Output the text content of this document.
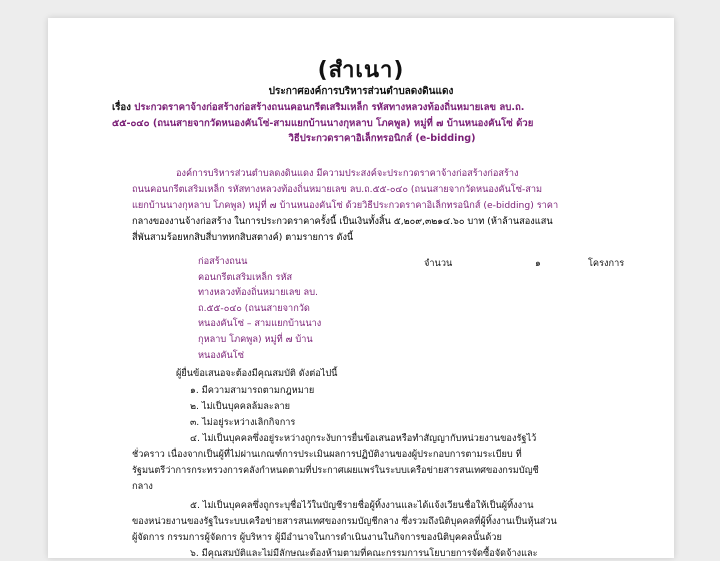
(สำเนา)
ประกาศองค์การบริหารส่วนตำบลดงดินแดง
เรื่อง ประกวดราคาจ้างก่อสร้างก่อสร้างถนนคอนกรีตเสริมเหล็ก รหัสทางหลวงท้องถิ่นหมายเลข ลบ.ถ.
๕๕-๐๔๐ (ถนนสายจากวัดหนองคันโซ่-สามแยกบ้านนางกุหลาบ โภคพูล) หมู่ที่ ๗ บ้านหนองคันโซ่ ด้วย
วิธีประกวดราคาอิเล็กทรอนิกส์ (e-bidding)
องค์การบริหารส่วนตำบลดงดินแดง มีความประสงค์จะประกวดราคาจ้างก่อสร้างก่อสร้าง
ถนนคอนกรีตเสริมเหล็ก รหัสทางหลวงท้องถิ่นหมายเลข ลบ.ถ.๕๕-๐๔๐ (ถนนสายจากวัดหนองคันโซ่-สาม
แยกบ้านนางกุหลาบ โภคพูล) หมู่ที่ ๗ บ้านหนองคันโซ่ ด้วยวิธีประกวดราคาอิเล็กทรอนิกส์ (e-bidding) ราคา
กลางของงานจ้างก่อสร้าง ในการประกวดราคาครั้งนี้ เป็นเงินทั้งสิ้น ๕,๒๐๙,๓๒๑๔.๖๐ บาท (ห้าล้านสองแสน
สี่พันสามร้อยหกสิบสี่บาทหกสิบสตางค์) ตามรายการ ดังนี้
ก่อสร้างถนน
คอนกรีตเสริมเหล็ก รหัส
ทางหลวงท้องถิ่นหมายเลข ลบ.
ถ.๕๕-๐๔๐ (ถนนสายจากวัด
หนองคันโซ่ – สามแยกบ้านนาง
กุหลาบ โภคพูล) หมู่ที่ ๗ บ้าน
หนองคันโซ่
จำนวน	๑	โครงการ
ผู้ยื่นข้อเสนอจะต้องมีคุณสมบัติ ดังต่อไปนี้
๑. มีความสามารถตามกฎหมาย
๒. ไม่เป็นบุคคลล้มละลาย
๓. ไม่อยู่ระหว่างเลิกกิจการ
๔. ไม่เป็นบุคคลซึ่งอยู่ระหว่างถูกระงับการยื่นข้อเสนอหรือทำสัญญากับหน่วยงานของรัฐไว้
ชั่วคราว เนื่องจากเป็นผู้ที่ไม่ผ่านเกณฑ์การประเมินผลการปฏิบัติงานของผู้ประกอบการตามระเบียบ ที่
รัฐมนตรีว่าการกระทรวงการคลังกำหนดตามที่ประกาศเผยแพร่ในระบบเครือข่ายสารสนเทศของกรมบัญชี
กลาง
๕. ไม่เป็นบุคคลซึ่งถูกระบุชื่อไว้ในบัญชีรายชื่อผู้ทิ้งงานและได้แจ้งเวียนชื่อให้เป็นผู้ทิ้งงาน
ของหน่วยงานของรัฐในระบบเครือข่ายสารสนเทศของกรมบัญชีกลาง ซึ่งรวมถึงนิติบุคคลที่ผู้ทิ้งงานเป็นหุ้นส่วน
ผู้จัดการ กรรมการผู้จัดการ ผู้บริหาร ผู้มีอำนาจในการดำเนินงานในกิจการของนิติบุคคลนั้นด้วย
๖. มีคุณสมบัติและไม่มีลักษณะต้องห้ามตามที่คณะกรรมการนโยบายการจัดซื้อจัดจ้างและ
